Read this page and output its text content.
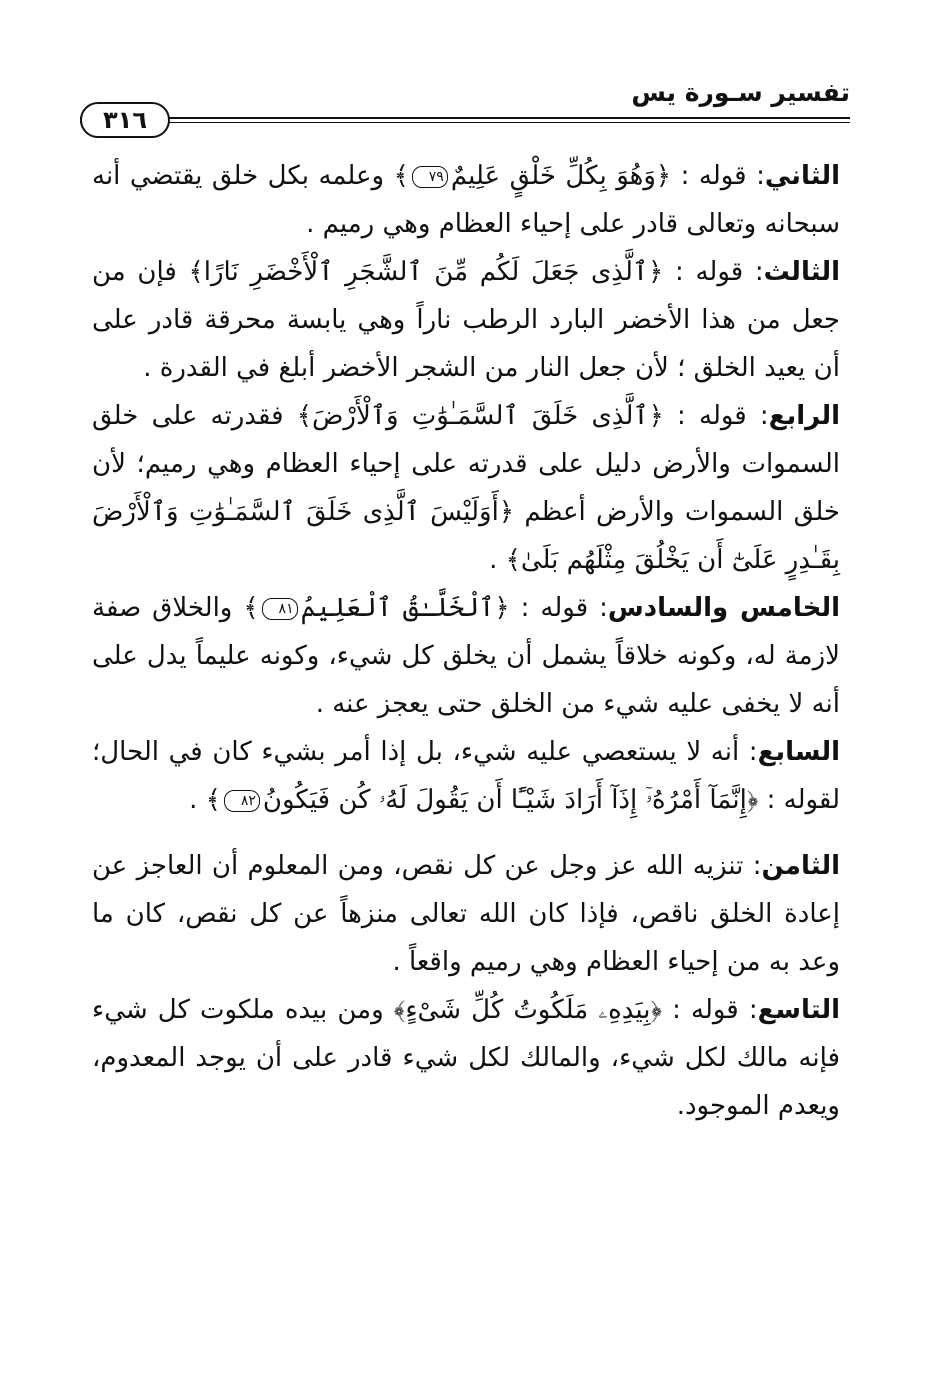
تفسير سـورة يس
٣١٦

الثاني: قوله : ﴿وَهُوَ بِكُلِّ خَلْقٍ عَلِيمٌ٧٩﴾ وعلمه بكل خلق يقتضي أنه سبحانه وتعالى قادر على إحياء العظام وهي رميم .

الثالث: قوله : ﴿ٱلَّذِى جَعَلَ لَكُم مِّنَ ٱلشَّجَرِ ٱلْأَخْضَرِ نَارًا﴾ فإن من جعل من هذا الأخضر البارد الرطب ناراً وهي يابسة محرقة قادر على أن يعيد الخلق ؛ لأن جعل النار من الشجر الأخضر أبلغ في القدرة .

الرابع: قوله : ﴿ٱلَّذِى خَلَقَ ٱلسَّمَـٰوَٰتِ وَٱلْأَرْضَ﴾ فقدرته على خلق السموات والأرض دليل على قدرته على إحياء العظام وهي رميم؛ لأن خلق السموات والأرض أعظم ﴿أَوَلَيْسَ ٱلَّذِى خَلَقَ ٱلسَّمَـٰوَٰتِ وَٱلْأَرْضَ بِقَـٰدِرٍ عَلَىٰٓ أَن يَخْلُقَ مِثْلَهُم بَلَىٰ﴾ .

الخامس والسادس: قوله : ﴿ٱلْخَلَّـٰقُ ٱلْعَلِيمُ٨١﴾ والخلاق صفة لازمة له، وكونه خلاقاً يشمل أن يخلق كل شيء، وكونه عليماً يدل على أنه لا يخفى عليه شيء من الخلق حتى يعجز عنه .

السابع: أنه لا يستعصي عليه شيء، بل إذا أمر بشيء كان في الحال؛ لقوله : ﴿إِنَّمَآ أَمْرُهُۥٓ إِذَآ أَرَادَ شَيْـًٔا أَن يَقُولَ لَهُۥ كُن فَيَكُونُ٨٢﴾ .

الثامن: تنزيه الله عز وجل عن كل نقص، ومن المعلوم أن العاجز عن إعادة الخلق ناقص، فإذا كان الله تعالى منزهاً عن كل نقص، كان ما وعد به من إحياء العظام وهي رميم واقعاً .

التاسع: قوله : ﴿بِيَدِهِۦ مَلَكُوتُ كُلِّ شَىْءٍ﴾ ومن بيده ملكوت كل شيء فإنه مالك لكل شيء، والمالك لكل شيء قادر على أن يوجد المعدوم، ويعدم الموجود.
